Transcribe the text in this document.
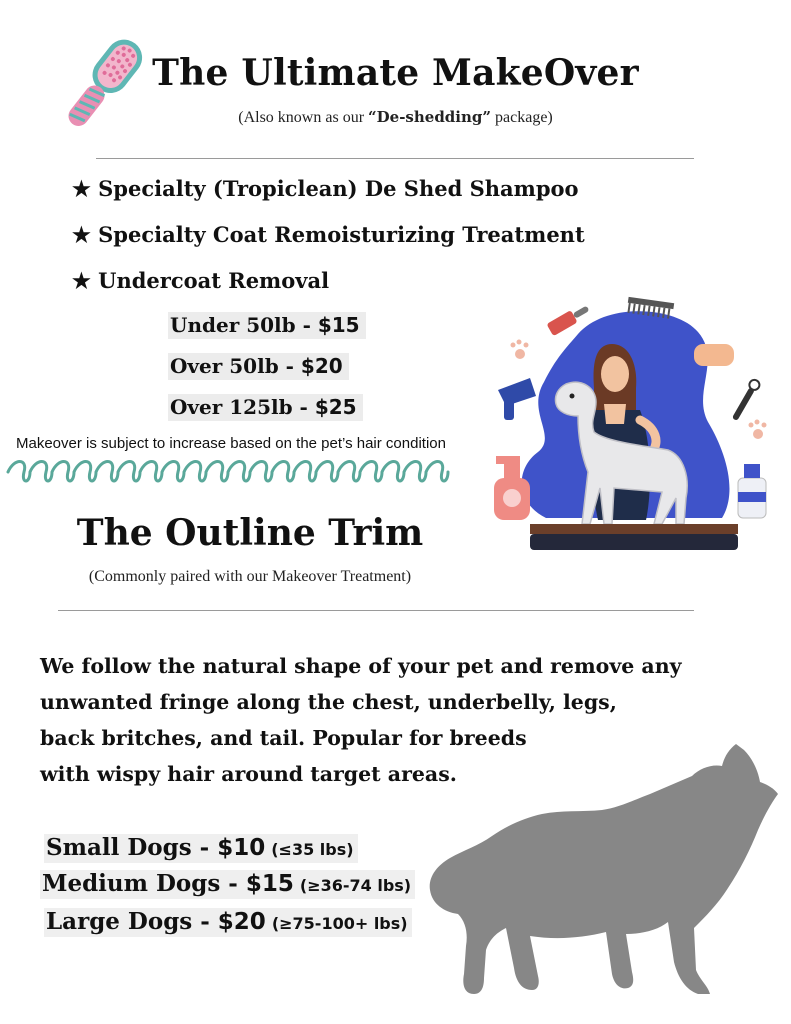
The Ultimate MakeOver
(Also known as our “De-shedding” package)
★ Specialty (Tropiclean) De Shed Shampoo
★ Specialty Coat Remoisturizing Treatment
★ Undercoat Removal
Under 50lb - $15
Over 50lb - $20
Over 125lb - $25
Makeover is subject to increase based on the pet’s hair condition
The Outline Trim
(Commonly paired with our Makeover Treatment)
We follow the natural shape of your pet and remove any
unwanted fringe along the chest, underbelly, legs,
back britches, and tail. Popular for breeds
with wispy hair around target areas.
Small Dogs - $10 (≤35 lbs)
Medium Dogs - $15 (≥36-74 lbs)
Large Dogs - $20 (≥75-100+ lbs)
